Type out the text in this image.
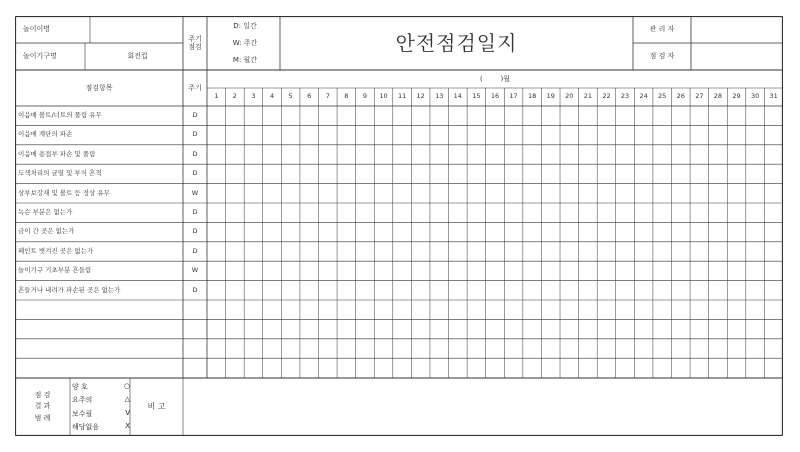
놀이이명
놀이기구명	회전컵
주기
점검
D: 일간
W: 주간
M: 월간
안전점검일지
관 리 자
점 검 자
점검항목	주기
(        )월
1	2	3	4	5	6	7	8	9	10	11	12	13	14	15	16	17	18	19	20	21	22	23	24	25	26	27	28	29	30	31
이음매 볼트/너트의 풀림 유무	D
이음매 계단의 파손	D
이음매 용접부 파손 및 풀림	D
도색처리의 균열 및 부식 흔적	D
상부보강재 및 볼트 등 정상 유무	W
녹슨 부분은 없는가	D
금이 간 곳은 없는가	D
페인트 벗겨진 곳은 없는가	D
놀이기구 기초부분 흔들림	W
흔들거나 내려가 파손된 곳은 없는가	D
점 검
결 과
범 례
양 호	○
요주의	△
보수필	V
해당없음	X
비 고
